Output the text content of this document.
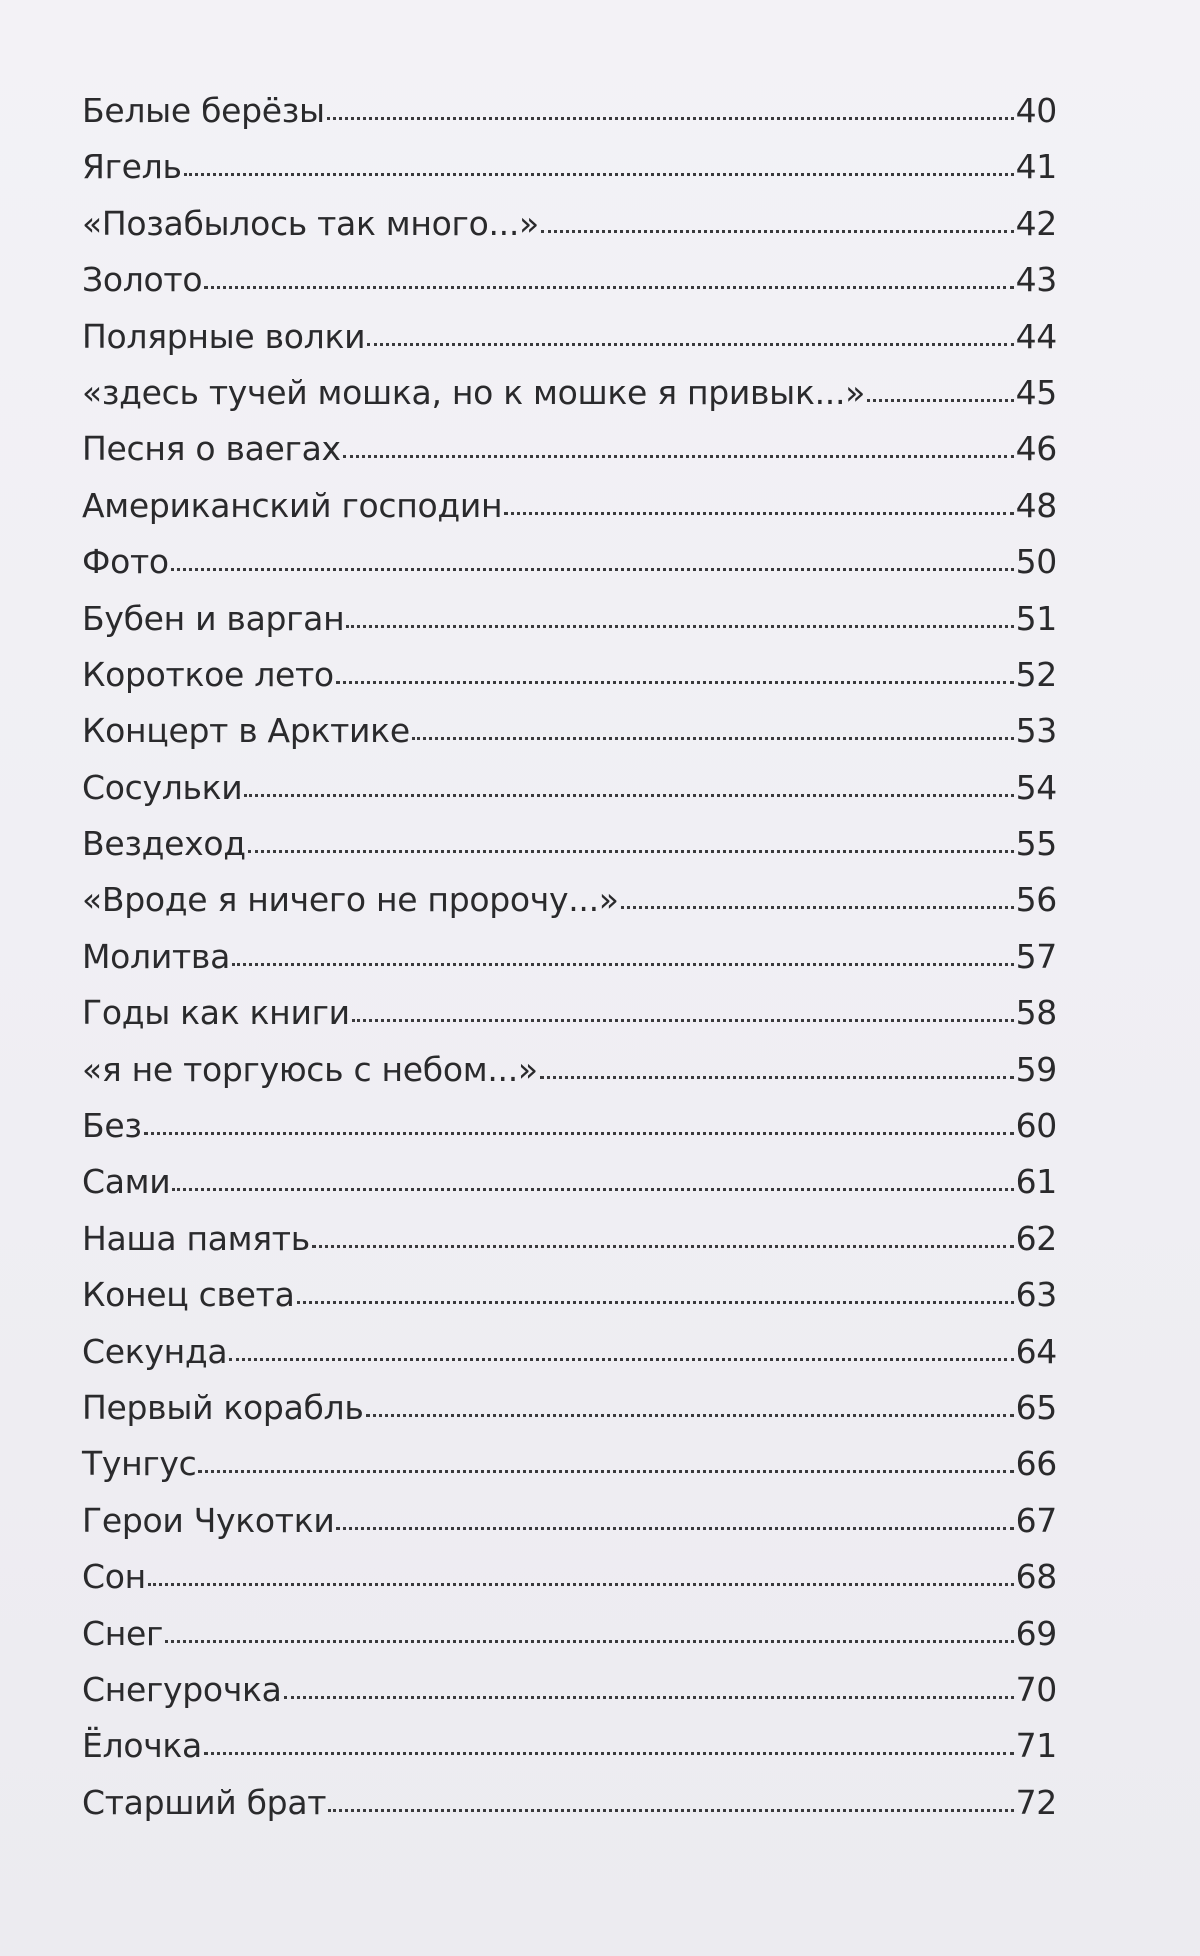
Белые берёзы	40
Ягель	41
«Позабылось так много...»	42
Золото	43
Полярные волки	44
«здесь тучей мошка, но к мошке я привык...»	45
Песня о ваегах	46
Американский господин	48
Фото	50
Бубен и варган	51
Короткое лето	52
Концерт в Арктике	53
Сосульки	54
Вездеход	55
«Вроде я ничего не пророчу...»	56
Молитва	57
Годы как книги	58
«я не торгуюсь с небом...»	59
Без	60
Сами	61
Наша память	62
Конец света	63
Секунда	64
Первый корабль	65
Тунгус	66
Герои Чукотки	67
Сон	68
Снег	69
Снегурочка	70
Ёлочка	71
Старший брат	72
